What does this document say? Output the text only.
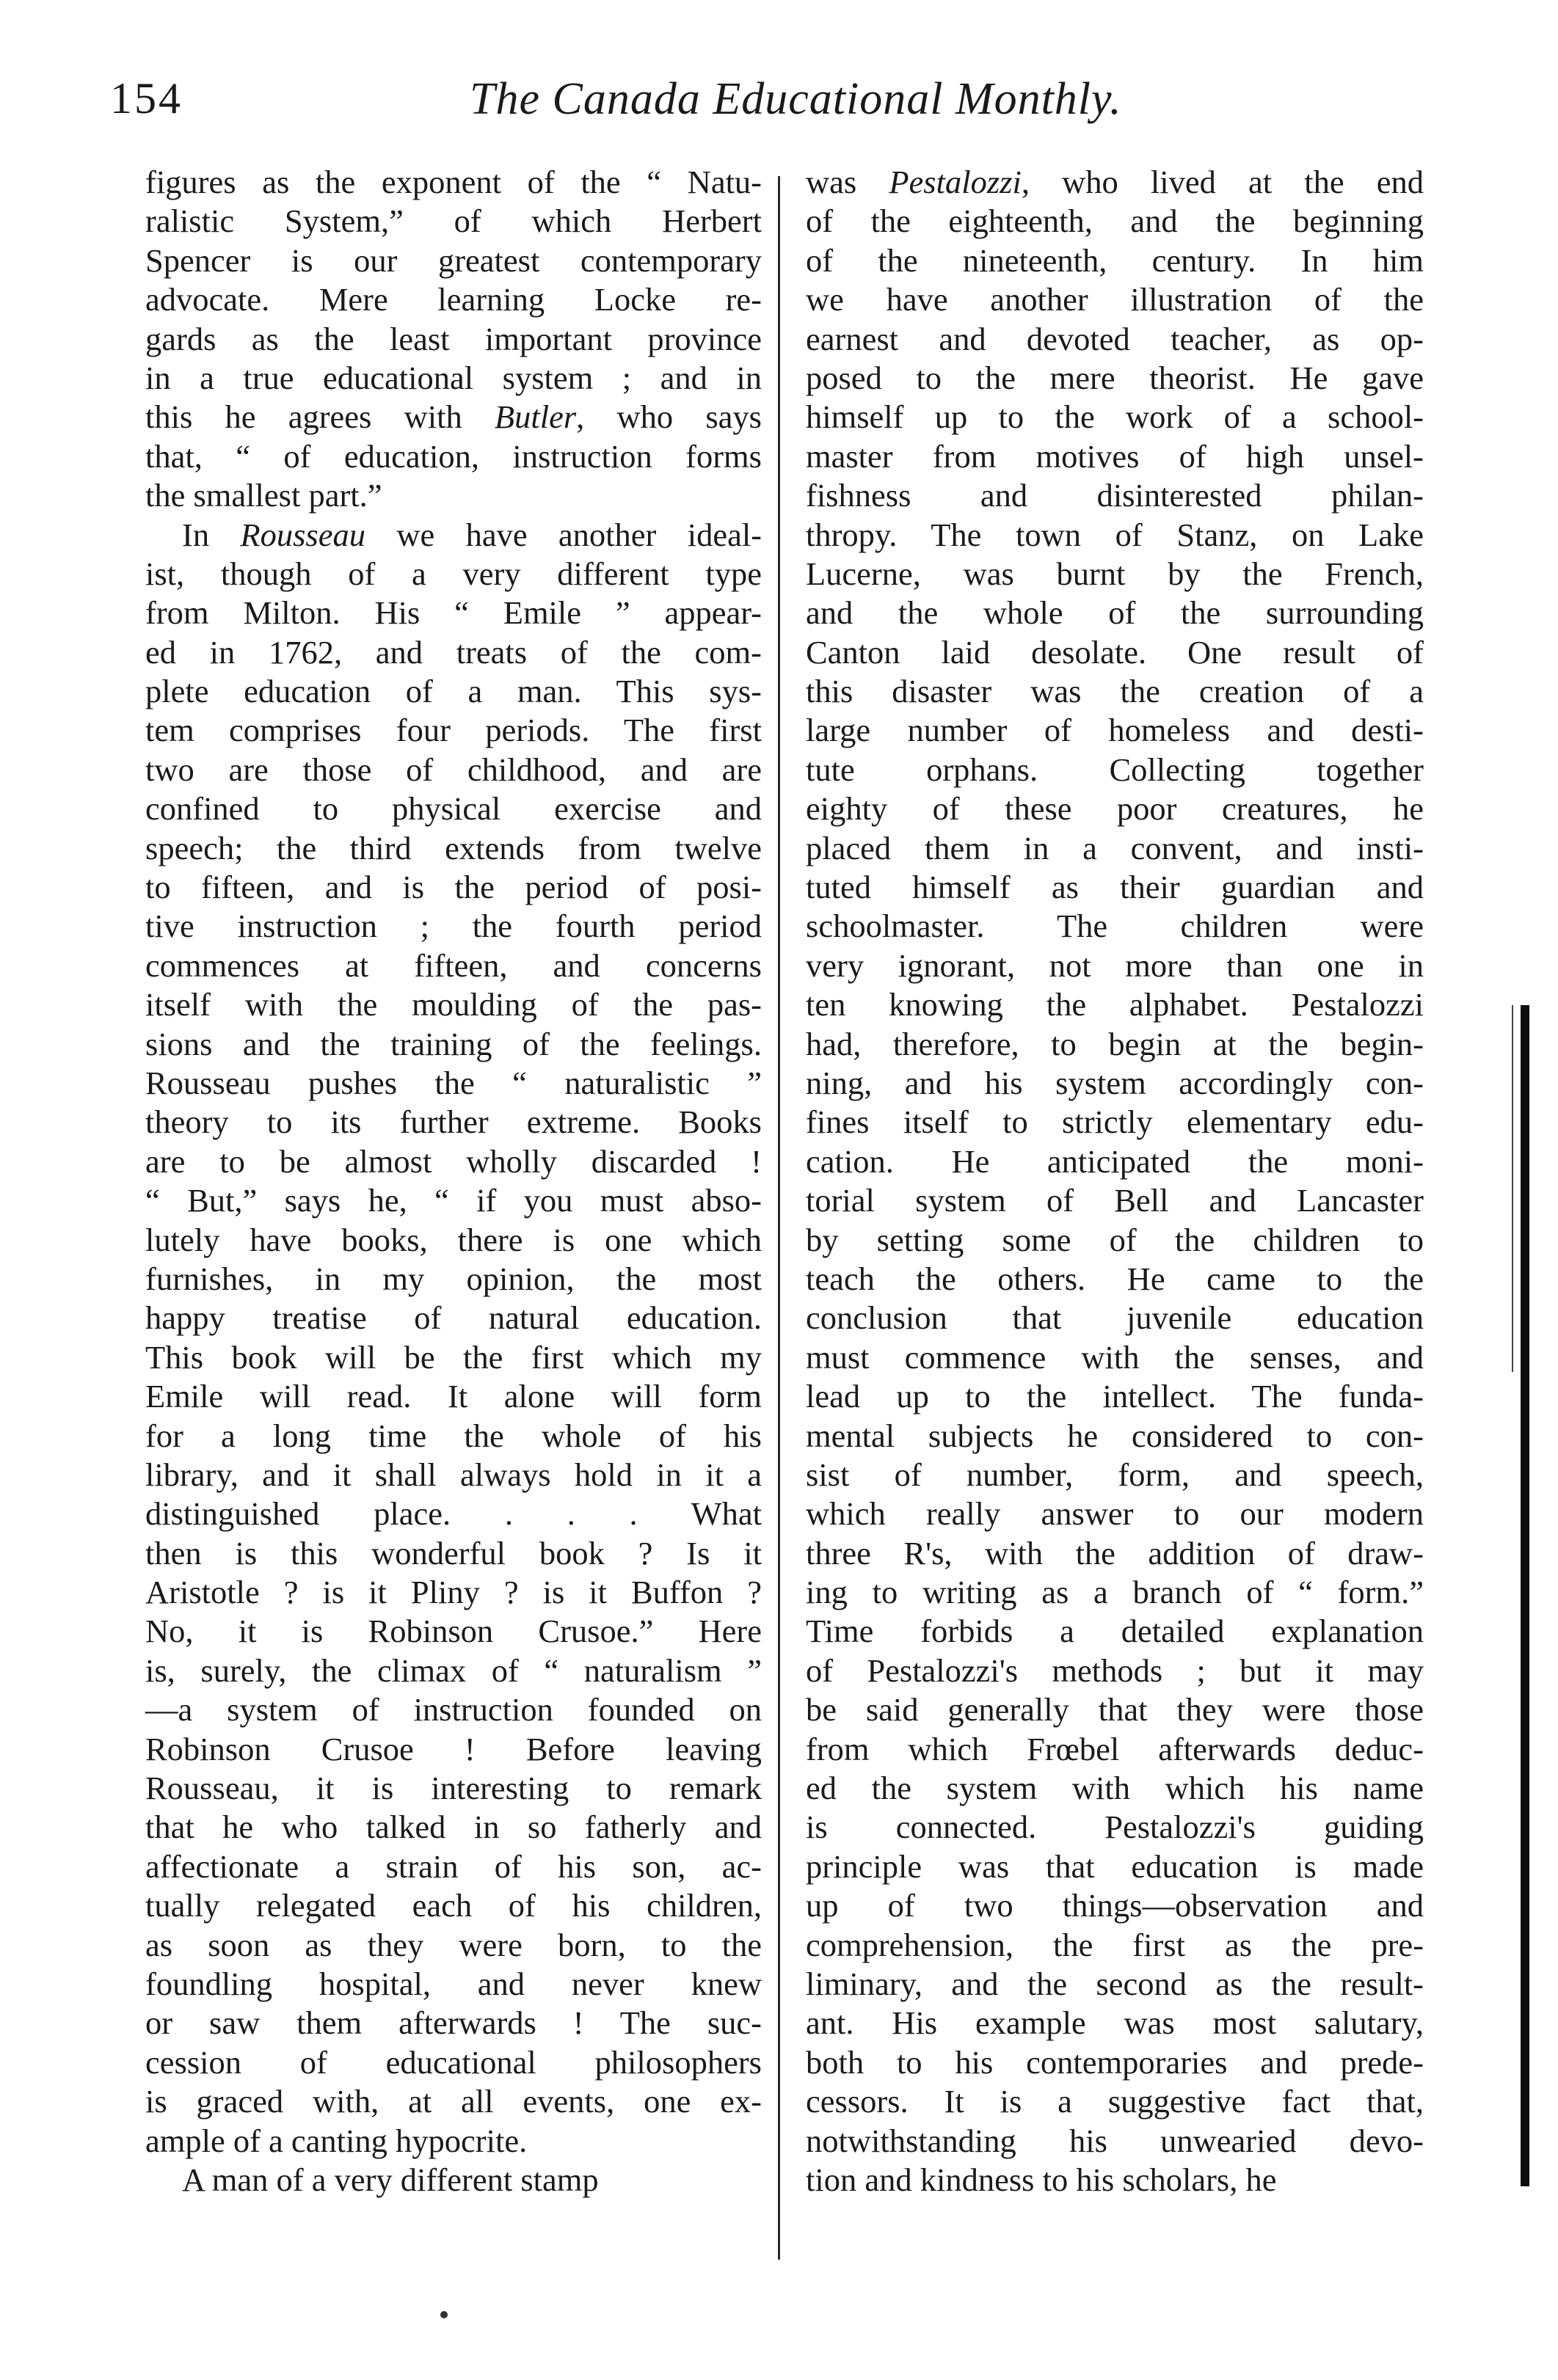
154	The Canada Educational Monthly.
figures as the exponent of the “ Natu-
ralistic System,” of which Herbert
Spencer is our greatest contemporary
advocate. Mere learning Locke re-
gards as the least important province
in a true educational system ; and in
this he agrees with Butler, who says
that, “ of education, instruction forms
the smallest part.”
In Rousseau we have another ideal-
ist, though of a very different type
from Milton. His “ Emile ” appear-
ed in 1762, and treats of the com-
plete education of a man. This sys-
tem comprises four periods. The first
two are those of childhood, and are
confined to physical exercise and
speech; the third extends from twelve
to fifteen, and is the period of posi-
tive instruction ; the fourth period
commences at fifteen, and concerns
itself with the moulding of the pas-
sions and the training of the feelings.
Rousseau pushes the “ naturalistic ”
theory to its further extreme. Books
are to be almost wholly discarded !
“ But,” says he, “ if you must abso-
lutely have books, there is one which
furnishes, in my opinion, the most
happy treatise of natural education.
This book will be the first which my
Emile will read. It alone will form
for a long time the whole of his
library, and it shall always hold in it a
distinguished place. . . . What
then is this wonderful book ? Is it
Aristotle ? is it Pliny ? is it Buffon ?
No, it is Robinson Crusoe.” Here
is, surely, the climax of “ naturalism ”
—a system of instruction founded on
Robinson Crusoe ! Before leaving
Rousseau, it is interesting to remark
that he who talked in so fatherly and
affectionate a strain of his son, ac-
tually relegated each of his children,
as soon as they were born, to the
foundling hospital, and never knew
or saw them afterwards ! The suc-
cession of educational philosophers
is graced with, at all events, one ex-
ample of a canting hypocrite.
A man of a very different stamp
was Pestalozzi, who lived at the end
of the eighteenth, and the beginning
of the nineteenth, century. In him
we have another illustration of the
earnest and devoted teacher, as op-
posed to the mere theorist. He gave
himself up to the work of a school-
master from motives of high unsel-
fishness and disinterested philan-
thropy. The town of Stanz, on Lake
Lucerne, was burnt by the French,
and the whole of the surrounding
Canton laid desolate. One result of
this disaster was the creation of a
large number of homeless and desti-
tute orphans. Collecting together
eighty of these poor creatures, he
placed them in a convent, and insti-
tuted himself as their guardian and
schoolmaster. The children were
very ignorant, not more than one in
ten knowing the alphabet. Pestalozzi
had, therefore, to begin at the begin-
ning, and his system accordingly con-
fines itself to strictly elementary edu-
cation. He anticipated the moni-
torial system of Bell and Lancaster
by setting some of the children to
teach the others. He came to the
conclusion that juvenile education
must commence with the senses, and
lead up to the intellect. The funda-
mental subjects he considered to con-
sist of number, form, and speech,
which really answer to our modern
three R's, with the addition of draw-
ing to writing as a branch of “ form.”
Time forbids a detailed explanation
of Pestalozzi's methods ; but it may
be said generally that they were those
from which Frœbel afterwards deduc-
ed the system with which his name
is connected. Pestalozzi's guiding
principle was that education is made
up of two things—observation and
comprehension, the first as the pre-
liminary, and the second as the result-
ant. His example was most salutary,
both to his contemporaries and prede-
cessors. It is a suggestive fact that,
notwithstanding his unwearied devo-
tion and kindness to his scholars, he
